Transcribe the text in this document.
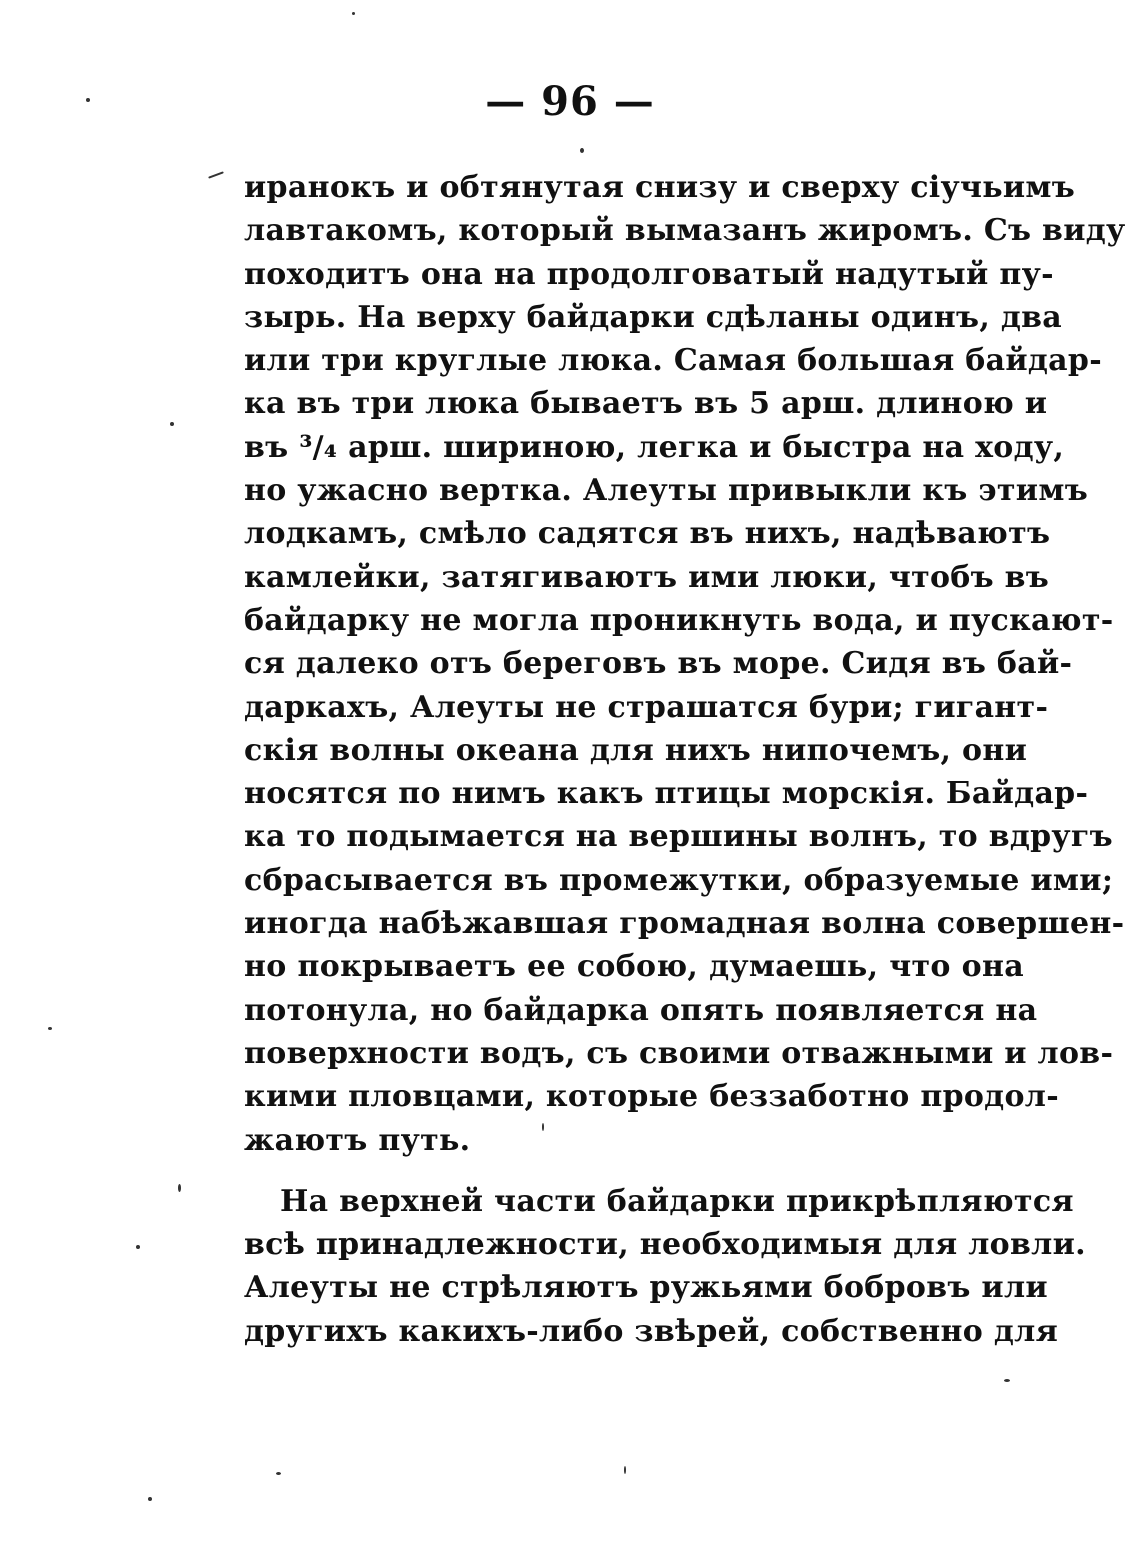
— 96 —
иранокъ и обтянутая снизу и сверху сіучьимъ
лавтакомъ, который вымазанъ жиромъ. Съ виду
походитъ она на продолговатый надутый пу-
зырь. На верху байдарки сдѣланы одинъ, два
или три круглые люка. Самая большая байдар-
ка въ три люка бываетъ въ 5 арш. длиною и
въ ³/₄ арш. шириною, легка и быстра на ходу,
но ужасно вертка. Алеуты привыкли къ этимъ
лодкамъ, смѣло садятся въ нихъ, надѣваютъ
камлейки, затягиваютъ ими люки, чтобъ въ
байдарку не могла проникнуть вода, и пускают-
ся далеко отъ береговъ въ море. Сидя въ бай-
даркахъ, Алеуты не страшатся бури; гигант-
скія волны океана для нихъ нипочемъ, они
носятся по нимъ какъ птицы морскія. Байдар-
ка то подымается на вершины волнъ, то вдругъ
сбрасывается въ промежутки, образуемые ими;
иногда набѣжавшая громадная волна совершен-
но покрываетъ ее собою, думаешь, что она
потонула, но байдарка опять появляется на
поверхности водъ, съ своими отважными и лов-
кими пловцами, которые беззаботно продол-
жаютъ путь.
На верхней части байдарки прикрѣпляются
всѣ принадлежности, необходимыя для ловли.
Алеуты не стрѣляютъ ружьями бобровъ или
другихъ какихъ-либо звѣрей, собственно для
